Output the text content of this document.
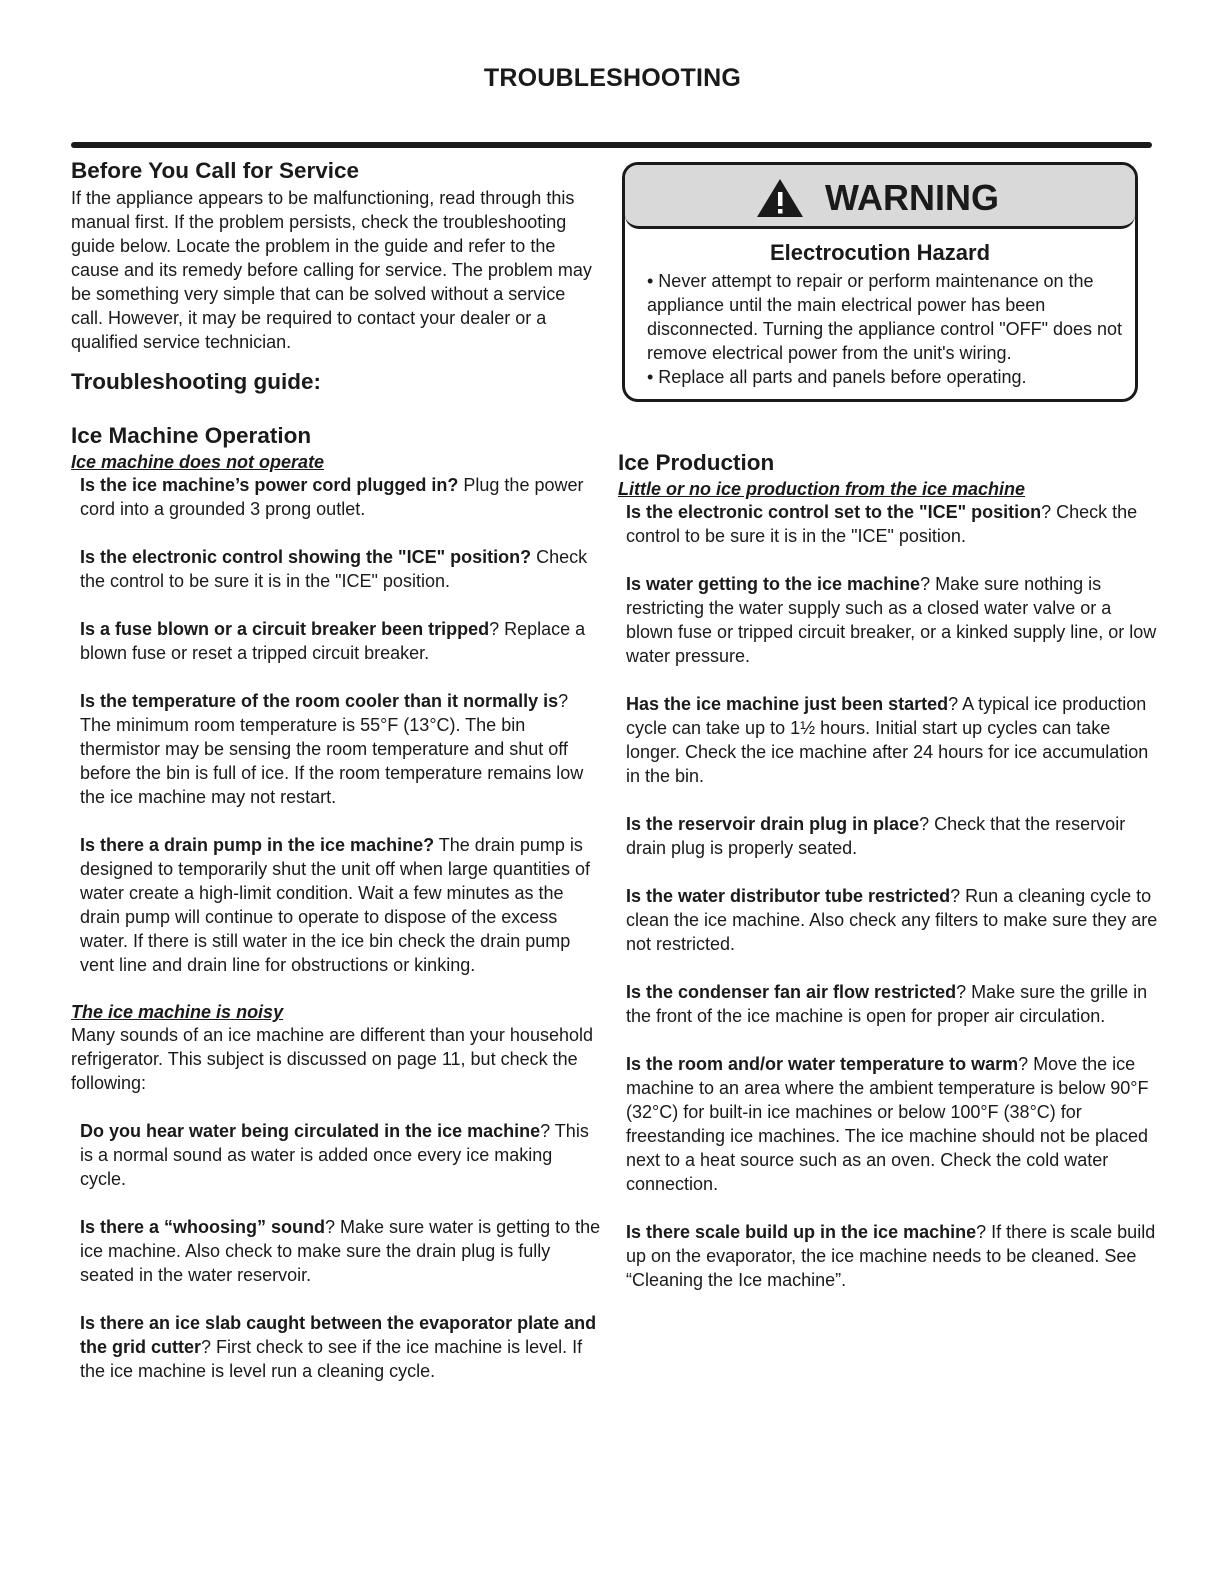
TROUBLESHOOTING
Before You Call for Service

If the appliance appears to be malfunctioning, read through this manual first. If the problem persists, check the troubleshooting guide below. Locate the problem in the guide and refer to the cause and its remedy before calling for service. The problem may be something very simple that can be solved without a service call. However, it may be required to contact your dealer or a qualified service technician.

Troubleshooting guide:
Ice Machine Operation

Ice machine does not operate

Is the ice machine’s power cord plugged in? Plug the power cord into a grounded 3 prong outlet.

Is the electronic control showing the "ICE" position? Check the control to be sure it is in the "ICE" position.

Is a fuse blown or a circuit breaker been tripped? Replace a blown fuse or reset a tripped circuit breaker.

Is the temperature of the room cooler than it normally is? The minimum room temperature is 55°F (13°C). The bin thermistor may be sensing the room temperature and shut off before the bin is full of ice. If the room temperature remains low the ice machine may not restart.

Is there a drain pump in the ice machine? The drain pump is designed to temporarily shut the unit off when large quantities of water create a high-limit condition. Wait a few minutes as the drain pump will continue to operate to dispose of the excess water. If there is still water in the ice bin check the drain pump vent line and drain line for obstructions or kinking.

The ice machine is noisy

Many sounds of an ice machine are different than your household refrigerator. This subject is discussed on page 11, but check the following:

Do you hear water being circulated in the ice machine? This is a normal sound as water is added once every ice making cycle.

Is there a “whoosing” sound? Make sure water is getting to the ice machine. Also check to make sure the drain plug is fully seated in the water reservoir.

Is there an ice slab caught between the evaporator plate and the grid cutter? First check to see if the ice machine is level. If the ice machine is level run a cleaning cycle.

WARNING
Electrocution Hazard

• Never attempt to repair or perform maintenance on the appliance until the main electrical power has been disconnected. Turning the appliance control "OFF" does not remove electrical power from the unit's wiring.

• Replace all parts and panels before operating.

Ice Production

Little or no ice production from the ice machine

Is the electronic control set to the "ICE" position? Check the control to be sure it is in the "ICE" position.

Is water getting to the ice machine? Make sure nothing is restricting the water supply such as a closed water valve or a blown fuse or tripped circuit breaker, or a kinked supply line, or low water pressure.

Has the ice machine just been started? A typical ice production cycle can take up to 1½ hours. Initial start up cycles can take longer. Check the ice machine after 24 hours for ice accumulation in the bin.

Is the reservoir drain plug in place? Check that the reservoir drain plug is properly seated.

Is the water distributor tube restricted? Run a cleaning cycle to clean the ice machine. Also check any filters to make sure they are not restricted.

Is the condenser fan air flow restricted? Make sure the grille in the front of the ice machine is open for proper air circulation.

Is the room and/or water temperature to warm? Move the ice machine to an area where the ambient temperature is below 90°F (32°C) for built-in ice machines or below 100°F (38°C) for freestanding ice machines. The ice machine should not be placed next to a heat source such as an oven. Check the cold water connection.

Is there scale build up in the ice machine? If there is scale build up on the evaporator, the ice machine needs to be cleaned. See “Cleaning the Ice machine”.
